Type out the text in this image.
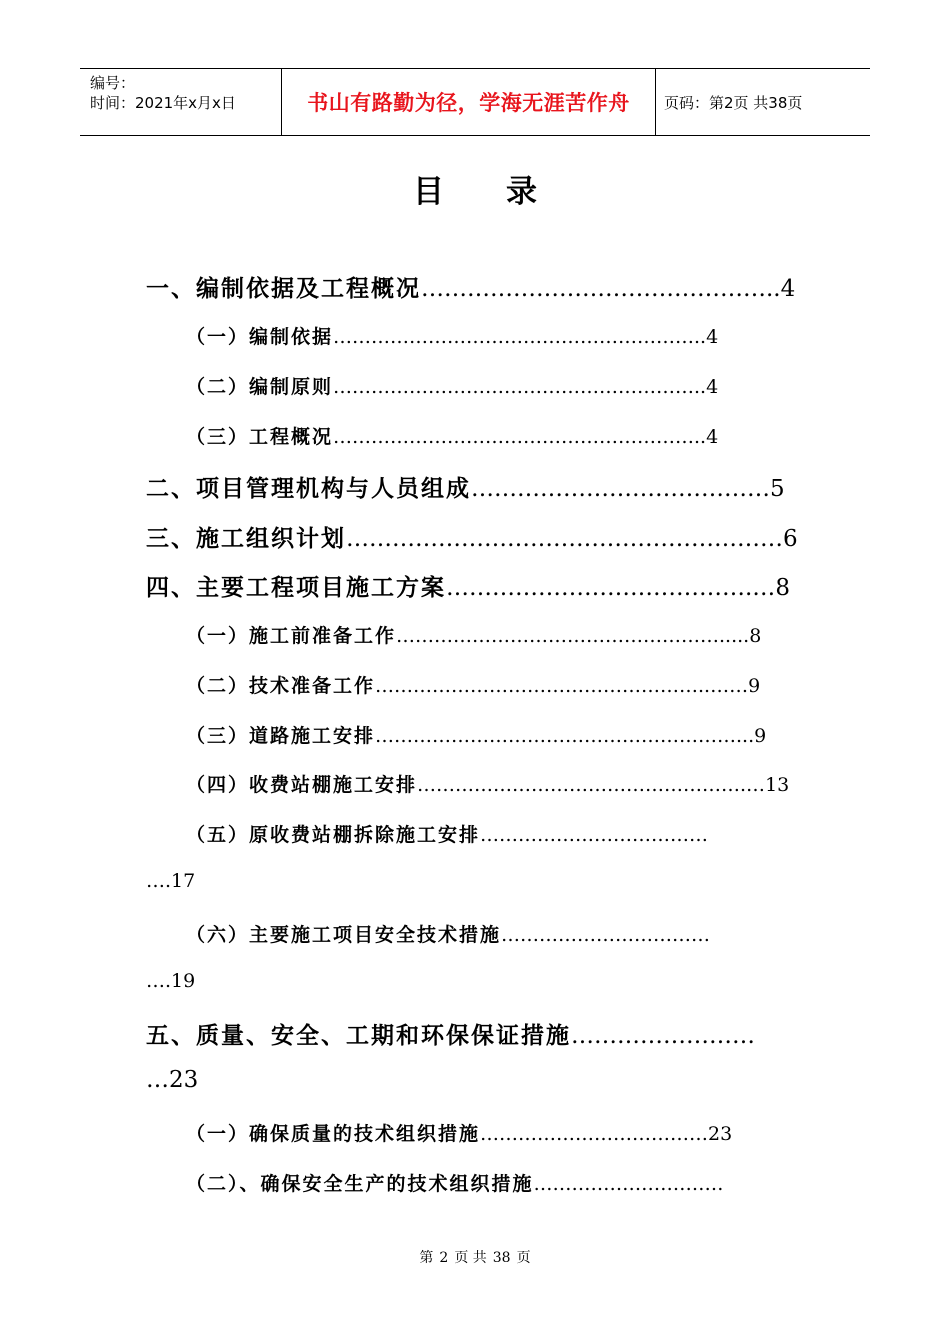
编号：
时间：2021年x月x日	书山有路勤为径，学海无涯苦作舟	页码：第2页 共38页
目录
一、编制依据及工程概况 ……………………………………….. 4
（一）编制依据 ………………………………………………….. 4
（二）编制原则 ………………………………………………….. 4
（三）工程概况 ………………………………………………….. 4
二、项目管理机构与人员组成 ………………………………… 5
三、施工组织计划 ………………………………………………… 6
四、主要工程项目施工方案 ………………………………….… 8
（一）施工前准备工作 ……………………………………………..... 8
（二）技术准备工作 ……………………………………………..…… 9
（三）道路施工安排 …………………………………………………... 9
（四）收费站棚施工安排 …………………………………………….… 13
（五）原收费站棚拆除施工安排 ………………………………
…. 17
（六）主要施工项目安全技术措施 ……………………………
…. 19
五、质量、安全、工期和环保保证措施 ……………………
… 23
（一）确保质量的技术组织措施 ……………………………… 23
（二）、确保安全生产的技术组织措施 …………………………
第 2 页 共 38 页
